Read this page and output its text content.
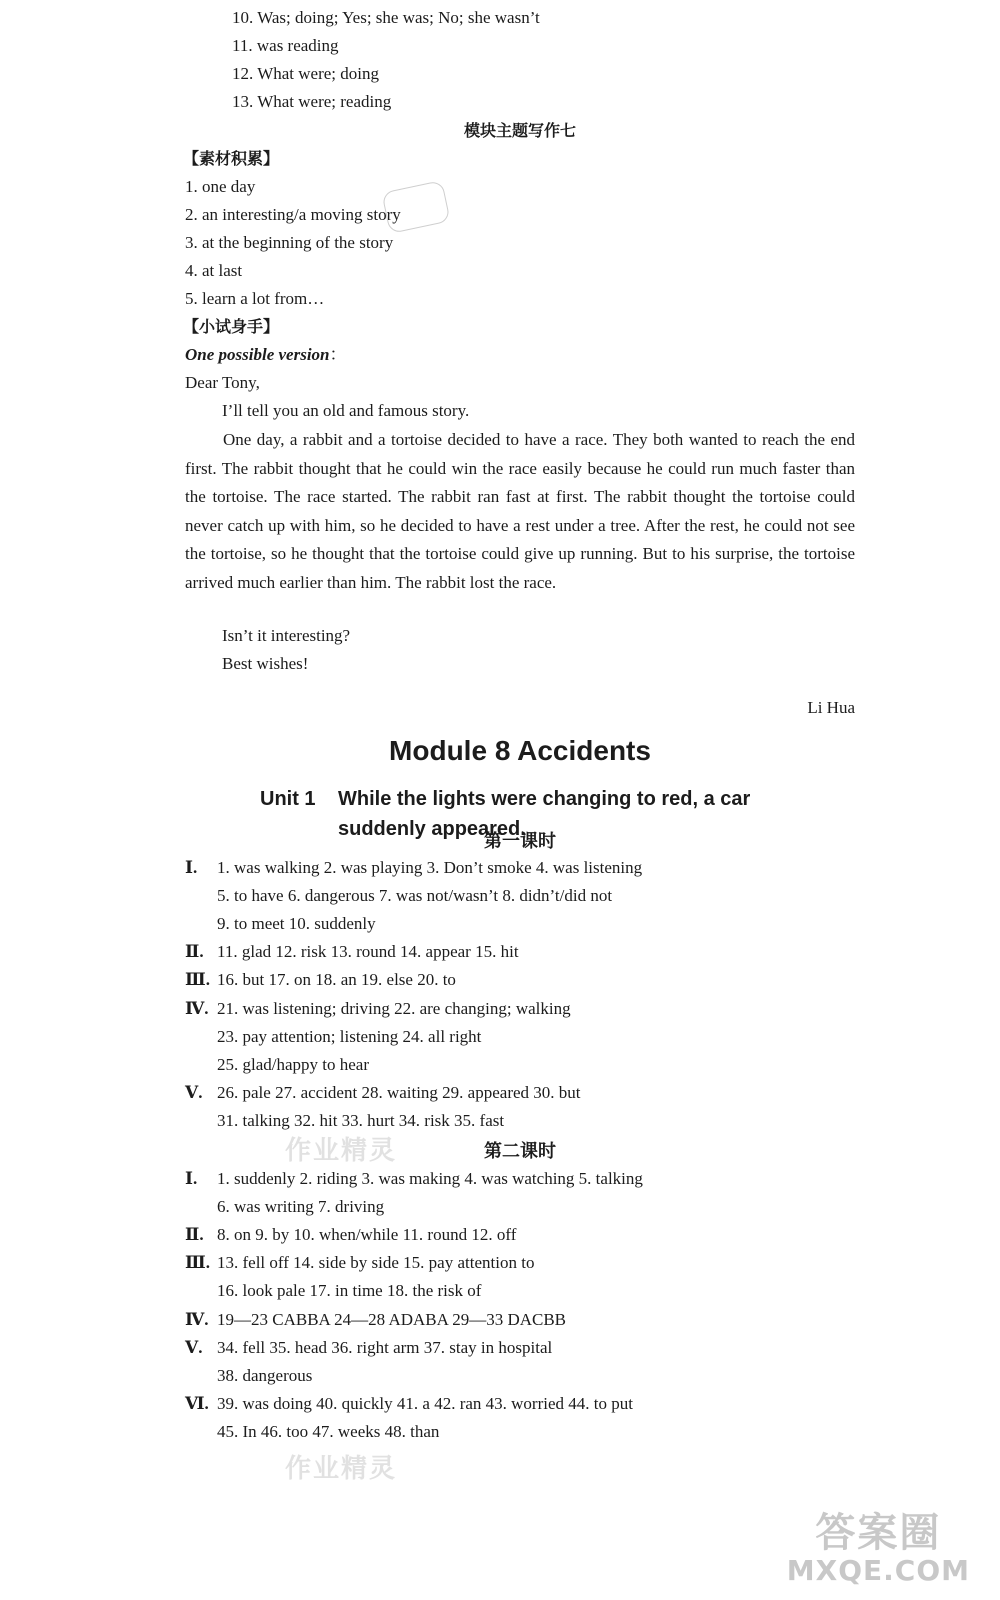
10. Was; doing; Yes; she was; No; she wasn’t
11. was reading
12. What were; doing
13. What were; reading
模块主题写作七
【素材积累】
1. one day
2. an interesting/a moving story
3. at the beginning of the story
4. at last
5. learn a lot from…
【小试身手】
One possible version：
Dear Tony,
I’ll tell you an old and famous story.
One day, a rabbit and a tortoise decided to have a race. They both wanted to reach the end first. The rabbit thought that he could win the race easily because he could run much faster than the tortoise. The race started. The rabbit ran fast at first. The rabbit thought the tortoise could never catch up with him, so he decided to have a rest under a tree. After the rest, he could not see the tortoise, so he thought that the tortoise could give up running. But to his surprise, the tortoise arrived much earlier than him. The rabbit lost the race.
Isn’t it interesting?
Best wishes!
Li Hua
Module 8 Accidents
Unit 1 While the lights were changing to red, a car
suddenly appeared.
第一课时
Ⅰ. 1. was walking 2. was playing 3. Don’t smoke 4. was listening
5. to have 6. dangerous 7. was not/wasn’t 8. didn’t/did not
9. to meet 10. suddenly
Ⅱ. 11. glad 12. risk 13. round 14. appear 15. hit
Ⅲ. 16. but 17. on 18. an 19. else 20. to
Ⅳ. 21. was listening; driving 22. are changing; walking
23. pay attention; listening 24. all right
25. glad/happy to hear
Ⅴ. 26. pale 27. accident 28. waiting 29. appeared 30. but
31. talking 32. hit 33. hurt 34. risk 35. fast
第二课时
Ⅰ. 1. suddenly 2. riding 3. was making 4. was watching 5. talking
6. was writing 7. driving
Ⅱ. 8. on 9. by 10. when/while 11. round 12. off
Ⅲ. 13. fell off 14. side by side 15. pay attention to
16. look pale 17. in time 18. the risk of
Ⅳ. 19—23 CABBA 24—28 ADABA 29—33 DACBB
Ⅴ. 34. fell 35. head 36. right arm 37. stay in hospital
38. dangerous
Ⅵ. 39. was doing 40. quickly 41. a 42. ran 43. worried 44. to put
45. In 46. too 47. weeks 48. than
作业精灵
作业精灵
答案圈
MXQE.COM
